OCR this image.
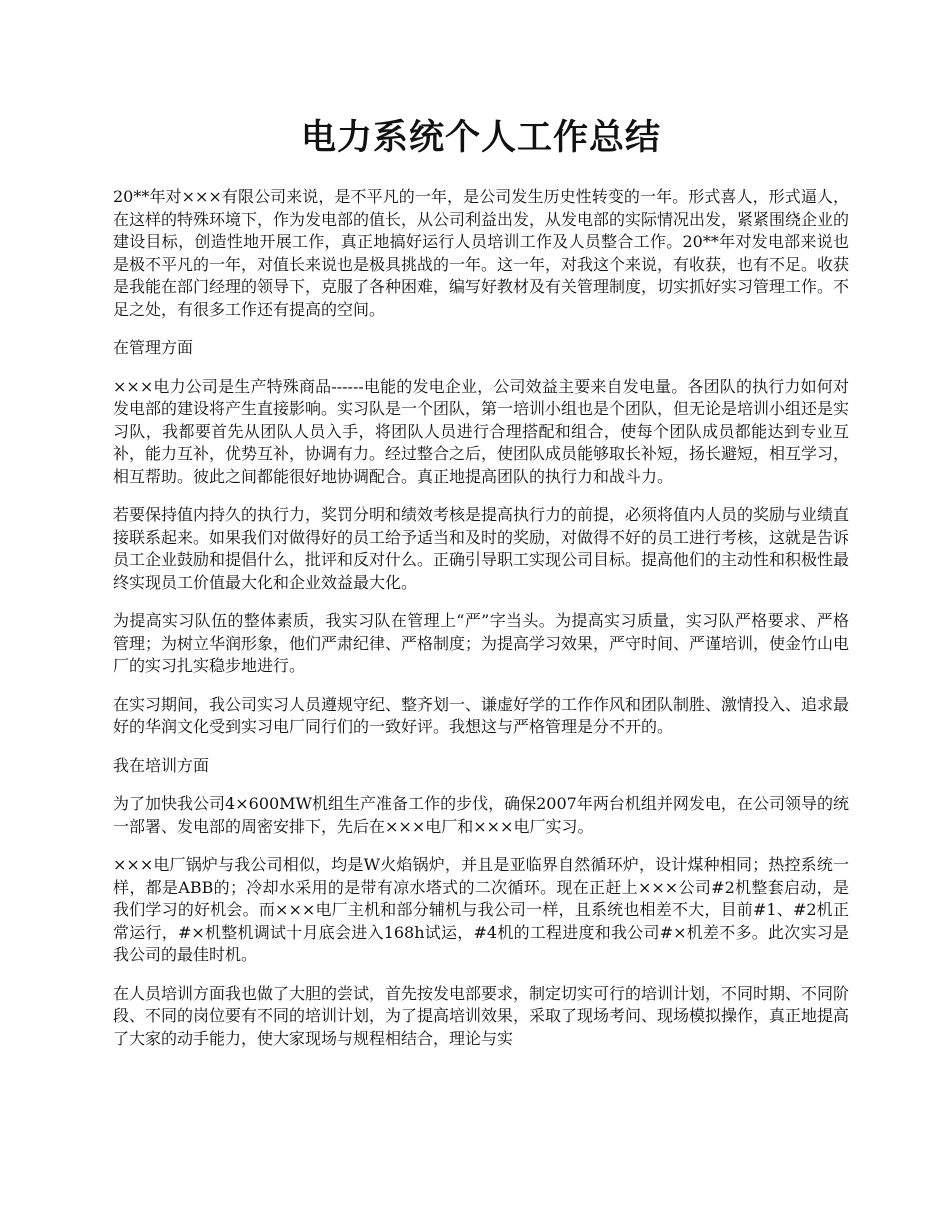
电力系统个人工作总结

20**年对×××有限公司来说，是不平凡的一年，是公司发生历史性转变的一年。形式喜人，形式逼人，在这样的特殊环境下，作为发电部的值长，从公司利益出发，从发电部的实际情况出发，紧紧围绕企业的建设目标，创造性地开展工作，真正地搞好运行人员培训工作及人员整合工作。20**年对发电部来说也是极不平凡的一年，对值长来说也是极具挑战的一年。这一年，对我这个来说，有收获，也有不足。收获是我能在部门经理的领导下，克服了各种困难，编写好教材及有关管理制度，切实抓好实习管理工作。不足之处，有很多工作还有提高的空间。

在管理方面

×××电力公司是生产特殊商品------电能的发电企业，公司效益主要来自发电量。各团队的执行力如何对发电部的建设将产生直接影响。实习队是一个团队，第一培训小组也是个团队，但无论是培训小组还是实习队，我都要首先从团队人员入手，将团队人员进行合理搭配和组合，使每个团队成员都能达到专业互补，能力互补，优势互补，协调有力。经过整合之后，使团队成员能够取长补短，扬长避短，相互学习，相互帮助。彼此之间都能很好地协调配合。真正地提高团队的执行力和战斗力。

若要保持值内持久的执行力，奖罚分明和绩效考核是提高执行力的前提，必须将值内人员的奖励与业绩直接联系起来。如果我们对做得好的员工给予适当和及时的奖励，对做得不好的员工进行考核，这就是告诉员工企业鼓励和提倡什么，批评和反对什么。正确引导职工实现公司目标。提高他们的主动性和积极性最终实现员工价值最大化和企业效益最大化。

为提高实习队伍的整体素质，我实习队在管理上“严”字当头。为提高实习质量，实习队严格要求、严格管理；为树立华润形象，他们严肃纪律、严格制度；为提高学习效果，严守时间、严谨培训，使金竹山电厂的实习扎实稳步地进行。

在实习期间，我公司实习人员遵规守纪、整齐划一、谦虚好学的工作作风和团队制胜、激情投入、追求最好的华润文化受到实习电厂同行们的一致好评。我想这与严格管理是分不开的。

我在培训方面

为了加快我公司4×600MW机组生产准备工作的步伐，确保2007年两台机组并网发电，在公司领导的统一部署、发电部的周密安排下，先后在×××电厂和×××电厂实习。

×××电厂锅炉与我公司相似，均是W火焰锅炉，并且是亚临界自然循环炉，设计煤种相同；热控系统一样，都是ABB的；冷却水采用的是带有凉水塔式的二次循环。现在正赶上×××公司#2机整套启动，是我们学习的好机会。而×××电厂主机和部分辅机与我公司一样，且系统也相差不大，目前#1、#2机正常运行，#×机整机调试十月底会进入168h试运，#4机的工程进度和我公司#×机差不多。此次实习是我公司的最佳时机。

在人员培训方面我也做了大胆的尝试，首先按发电部要求，制定切实可行的培训计划，不同时期、不同阶段、不同的岗位要有不同的培训计划，为了提高培训效果，采取了现场考问、现场模拟操作，真正地提高了大家的动手能力，使大家现场与规程相结合，理论与实
